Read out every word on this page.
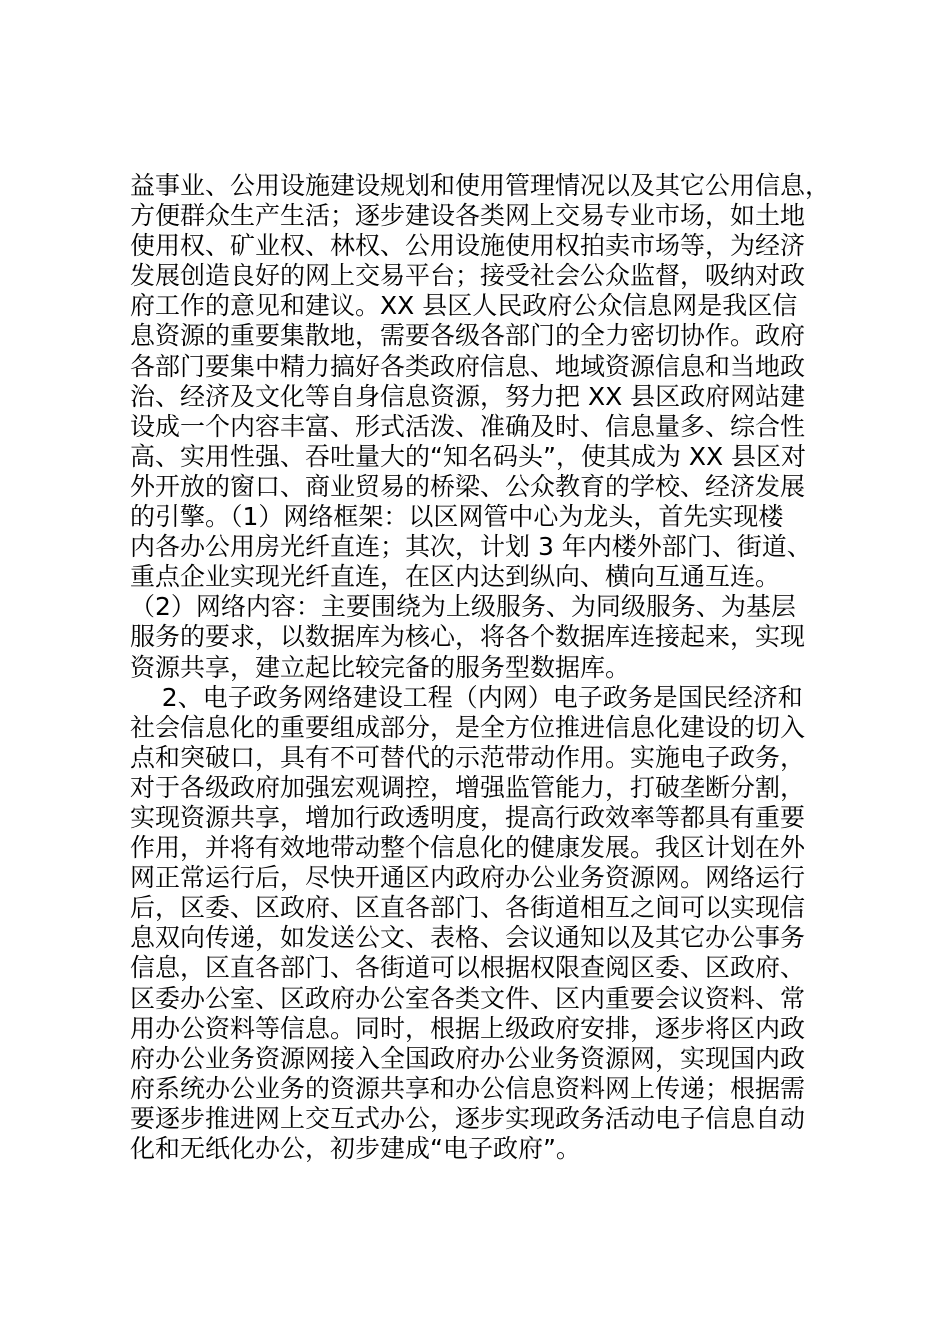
益事业、公用设施建设规划和使用管理情况以及其它公用信息，
方便群众生产生活；逐步建设各类网上交易专业市场，如土地
使用权、矿业权、林权、公用设施使用权拍卖市场等，为经济
发展创造良好的网上交易平台；接受社会公众监督，吸纳对政
府工作的意见和建议。XX 县区人民政府公众信息网是我区信
息资源的重要集散地，需要各级各部门的全力密切协作。政府
各部门要集中精力搞好各类政府信息、地域资源信息和当地政
治、经济及文化等自身信息资源，努力把 XX 县区政府网站建
设成一个内容丰富、形式活泼、准确及时、信息量多、综合性
高、实用性强、吞吐量大的“知名码头”，使其成为 XX 县区对
外开放的窗口、商业贸易的桥梁、公众教育的学校、经济发展
的引擎。（1）网络框架：以区网管中心为龙头，首先实现楼
内各办公用房光纤直连；其次，计划 3 年内楼外部门、街道、
重点企业实现光纤直连，在区内达到纵向、横向互通互连。
（2）网络内容：主要围绕为上级服务、为同级服务、为基层
服务的要求，以数据库为核心，将各个数据库连接起来，实现
资源共享，建立起比较完备的服务型数据库。
2、电子政务网络建设工程（内网）电子政务是国民经济和
社会信息化的重要组成部分，是全方位推进信息化建设的切入
点和突破口，具有不可替代的示范带动作用。实施电子政务，
对于各级政府加强宏观调控，增强监管能力，打破垄断分割，
实现资源共享，增加行政透明度，提高行政效率等都具有重要
作用，并将有效地带动整个信息化的健康发展。我区计划在外
网正常运行后，尽快开通区内政府办公业务资源网。网络运行
后，区委、区政府、区直各部门、各街道相互之间可以实现信
息双向传递，如发送公文、表格、会议通知以及其它办公事务
信息，区直各部门、各街道可以根据权限查阅区委、区政府、
区委办公室、区政府办公室各类文件、区内重要会议资料、常
用办公资料等信息。同时，根据上级政府安排，逐步将区内政
府办公业务资源网接入全国政府办公业务资源网，实现国内政
府系统办公业务的资源共享和办公信息资料网上传递；根据需
要逐步推进网上交互式办公，逐步实现政务活动电子信息自动
化和无纸化办公，初步建成“电子政府”。
